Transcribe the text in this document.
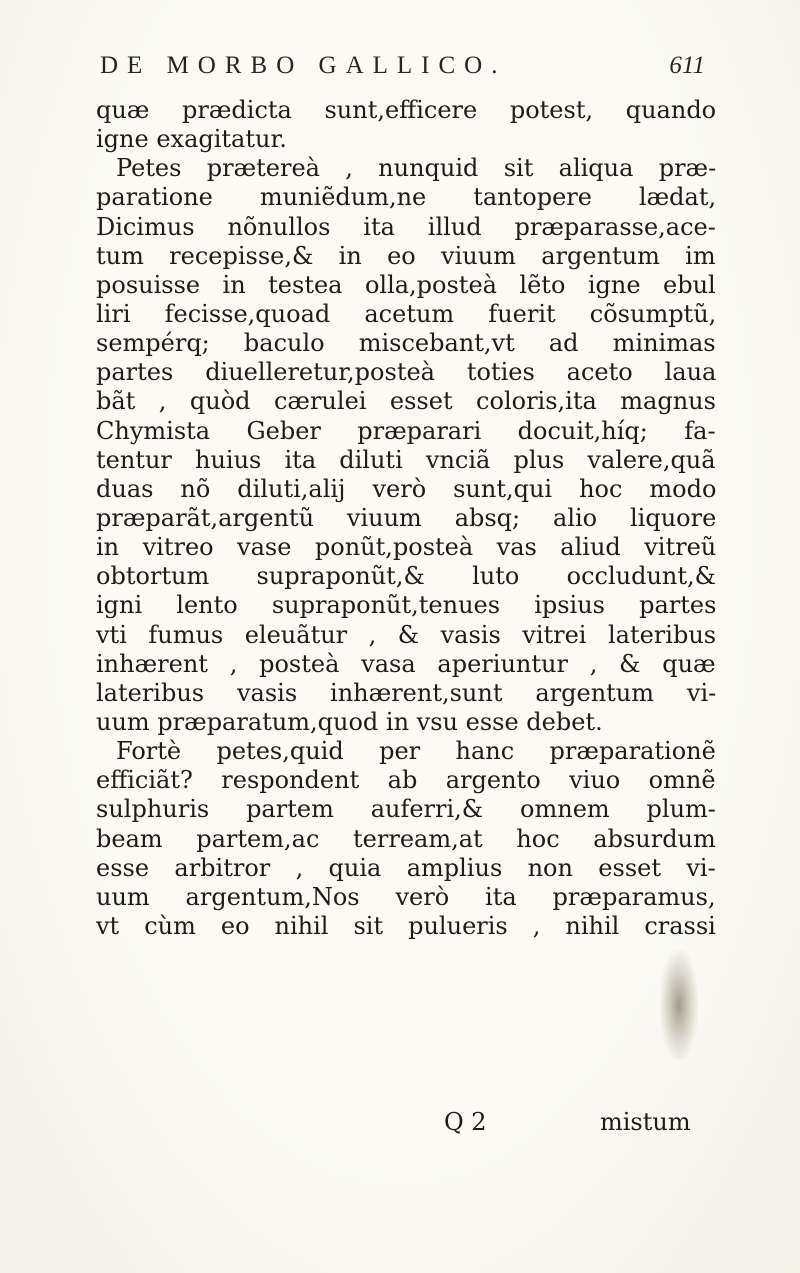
DE MORBO GALLICO.	611
quæ prædicta sunt,efficere potest, quando
igne exagitatur.
Petes prætereà , nunquid sit aliqua præ-
paratione muniẽdum,ne tantopere lædat,
Dicimus nõnullos ita illud præparasse,ace-
tum recepisse,& in eo viuum argentum im
posuisse in testea olla,posteà lẽto igne ebul
liri fecisse,quoad acetum fuerit cõsumptũ,
sempérq; baculo miscebant,vt ad minimas
partes diuelleretur,posteà toties aceto laua
bãt , quòd cærulei esset coloris,ita magnus
Chymista Geber præparari docuit,híq; fa-
tentur huius ita diluti vnciã plus valere,quã
duas nõ diluti,alij verò sunt,qui hoc modo
præparãt,argentũ viuum absq; alio liquore
in vitreo vase ponũt,posteà vas aliud vitreũ
obtortum supraponũt,& luto occludunt,&
igni lento supraponũt,tenues ipsius partes
vti fumus eleuãtur , & vasis vitrei lateribus
inhærent , posteà vasa aperiuntur , & quæ
lateribus vasis inhærent,sunt argentum vi-
uum præparatum,quod in vsu esse debet.
Fortè petes,quid per hanc præparationẽ
efficiãt? respondent ab argento viuo omnẽ
sulphuris partem auferri,& omnem plum-
beam partem,ac terream,at hoc absurdum
esse arbitror , quia amplius non esset vi-
uum argentum,Nos verò ita præparamus,
vt cùm eo nihil sit pulueris , nihil crassi
Q 2	mistum
